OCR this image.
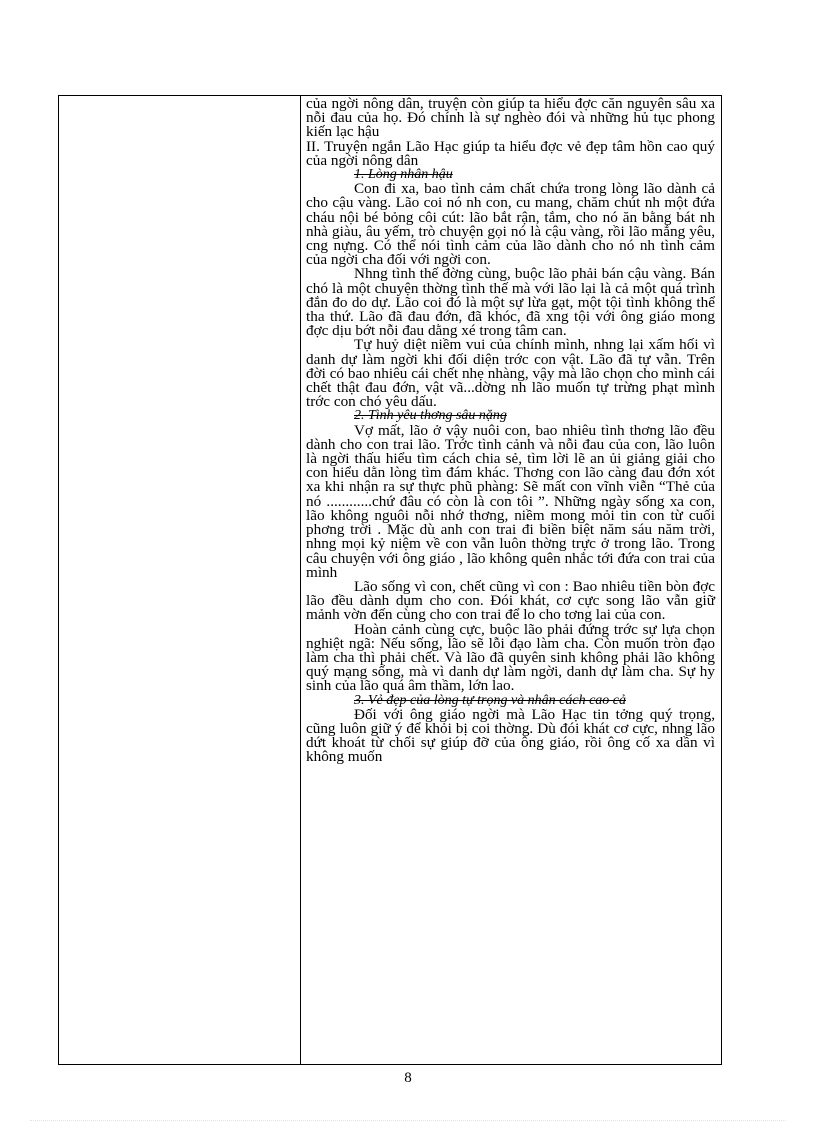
của ngời nông dân, truyện còn giúp ta hiểu đợc căn nguyên sâu xa nỗi đau của họ. Đó chính là sự nghèo đói và những hủ tục phong kiến lạc hậu

II. Truyện ngắn Lão Hạc giúp ta hiểu đợc vẻ đẹp tâm hồn cao quý của ngời nông dân

1. Lòng nhân hậu

Con đi xa, bao tình cảm chất chứa trong lòng lão dành cả cho cậu vàng. Lão coi nó nh con, cu mang, chăm chút nh một đứa cháu nội bé bỏng côi cút: lão bắt rận, tắm, cho nó ăn bằng bát nh nhà giàu, âu yếm, trò chuyện gọi nó là cậu vàng, rồi lão mắng yêu, cng nựng. Có thể nói tình cảm của lão dành cho nó nh tình cảm của ngời cha đối với ngời con.

Nhng tình thế đờng cùng, buộc lão phải bán cậu vàng. Bán chó là một chuyện thờng tình thế mà với lão lại là cả một quá trình đắn đo do dự. Lão coi đó là một sự lừa gạt, một tội tình không thể tha thứ. Lão đã đau đớn, đã khóc, đã xng tội với ông giáo mong đợc dịu bớt nỗi đau dằng xé trong tâm can.

Tự huỷ diệt niềm vui của chính mình, nhng lại xấm hối vì danh dự làm ngời khi đối diện trớc con vật. Lão đã tự vẫn. Trên đời có bao nhiêu cái chết nhẹ nhàng, vậy mà lão chọn cho mình cái chết thật đau đớn, vật vã...dờng nh lão muốn tự trừng phạt mình trớc con chó yêu dấu.

2. Tình yêu thơng sâu nặng

Vợ mất, lão ở vậy nuôi con, bao nhiêu tình thơng lão đều dành cho con trai lão. Trớc tình cảnh và nỗi đau của con, lão luôn là ngời thấu hiểu tìm cách chia sẻ, tìm lời lẽ an ủi giảng giải cho con hiểu dằn lòng tìm đám khác. Thơng con lão càng đau đớn xót xa khi nhận ra sự thực phũ phàng: Sẽ mất con vĩnh viễn “Thẻ của nó ............chứ đâu có còn là con tôi ”. Những ngày sống xa con, lão không nguôi nỗi nhớ thơng, niềm mong mỏi tin con từ cuối phơng trời . Mặc dù anh con trai đi biền biệt năm sáu năm trời, nhng mọi kỷ niệm về con vẫn luôn thờng trực ở trong lão. Trong câu chuyện với ông giáo , lão không quên nhắc tới đứa con trai của mình

Lão sống vì con, chết cũng vì con : Bao nhiêu tiền bòn đợc lão đều dành dụm cho con. Đói khát, cơ cực song lão vẫn giữ mảnh vờn đến cùng cho con trai để lo cho tơng lai của con.

Hoàn cảnh cùng cực, buộc lão phải đứng trớc sự lựa chọn nghiệt ngã: Nếu sống, lão sẽ lỗi đạo làm cha. Còn muốn tròn đạo làm cha thì phải chết. Và lão đã quyên sinh không phải lão không quý mạng sống, mà vì danh dự làm ngời, danh dự làm cha. Sự hy sinh của lão quá âm thầm, lớn lao.

3. Vẻ đẹp của lòng tự trọng và nhân cách cao cả

Đối với ông giáo ngời mà Lão Hạc tin tởng quý trọng, cũng luôn giữ ý để khỏi bị coi thờng. Dù đói khát cơ cực, nhng lão dứt khoát từ chối sự giúp đỡ của ông giáo, rồi ông cố xa dần vì không muốn

8
